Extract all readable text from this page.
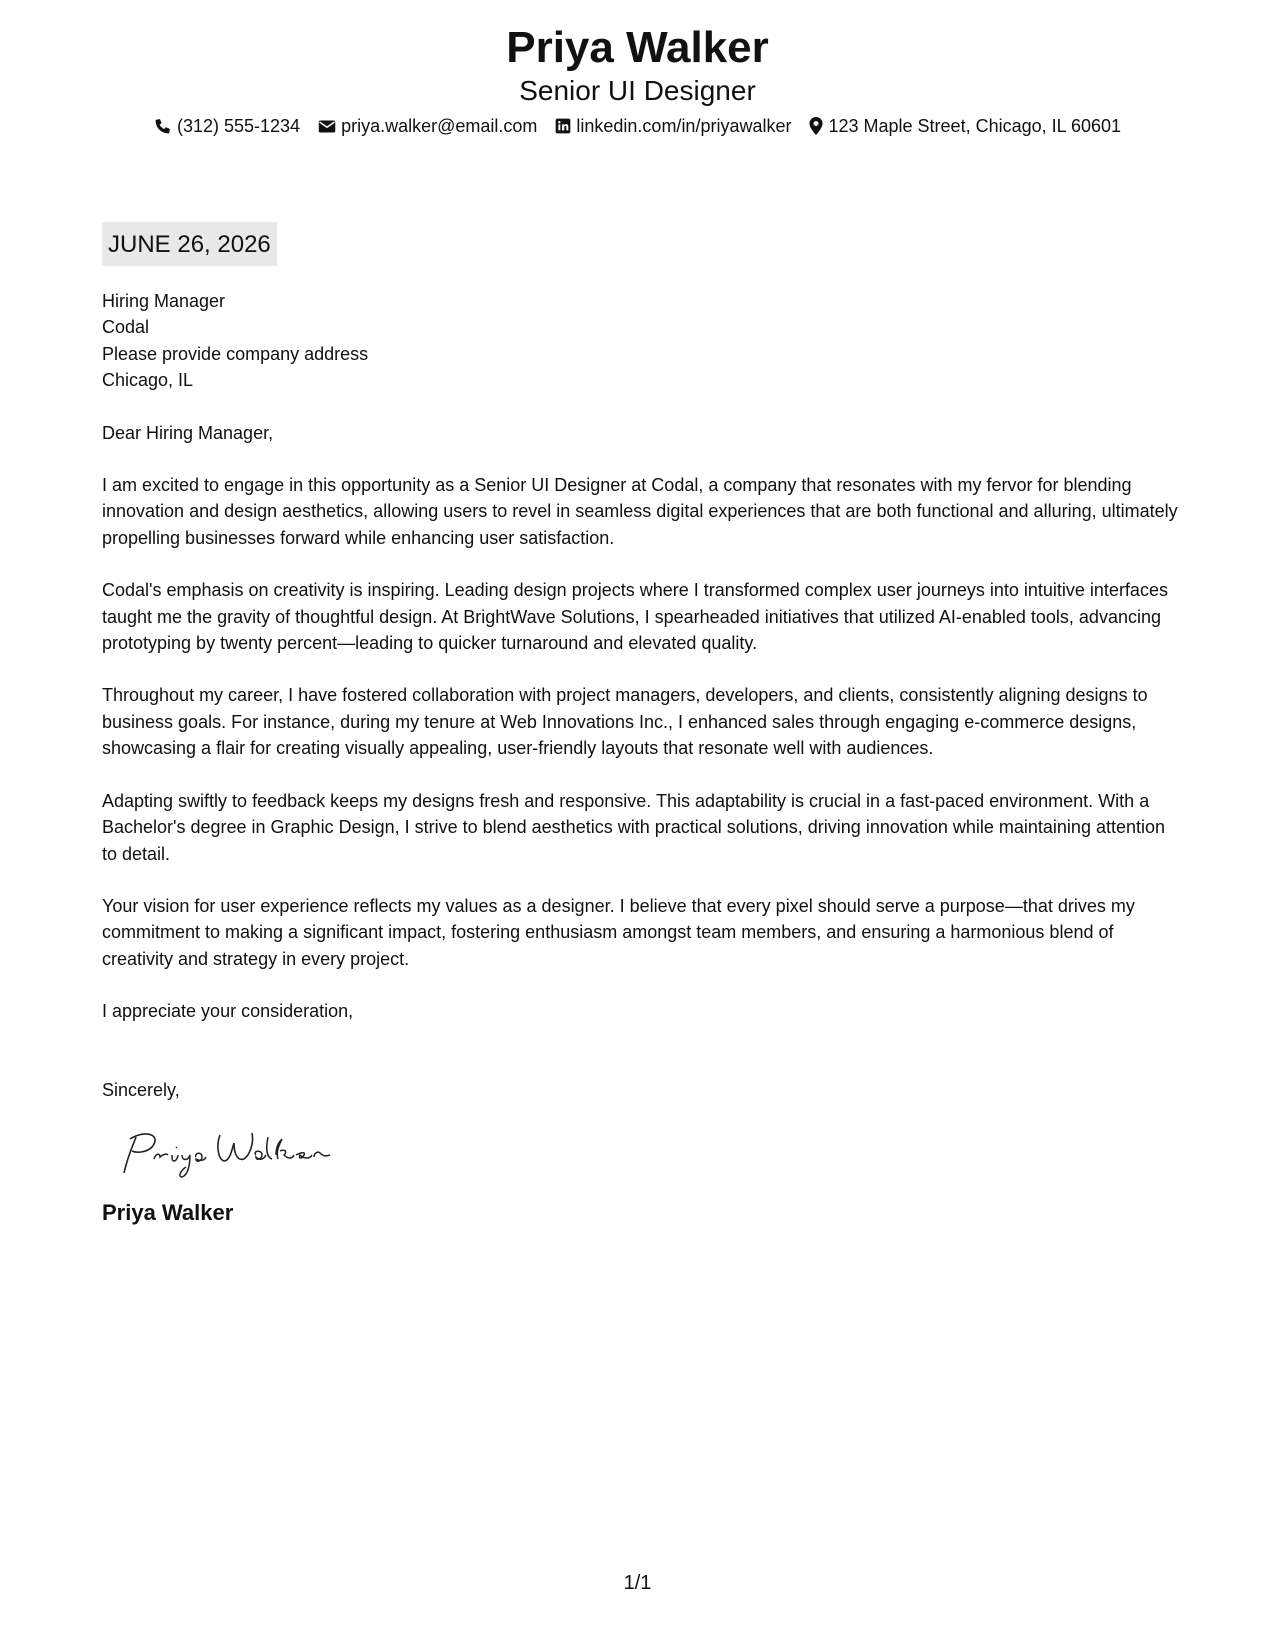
Priya Walker

Senior UI Designer

(312) 555-1234 priya.walker@email.com linkedin.com/in/priyawalker 123 Maple Street, Chicago, IL 60601
JUNE 26, 2026

Hiring Manager

Codal

Please provide company address

Chicago, IL

Dear Hiring Manager,

I am excited to engage in this opportunity as a Senior UI Designer at Codal, a company that resonates with my fervor for blending innovation and design aesthetics, allowing users to revel in seamless digital experiences that are both functional and alluring, ultimately propelling businesses forward while enhancing user satisfaction.

Codal's emphasis on creativity is inspiring. Leading design projects where I transformed complex user journeys into intuitive interfaces taught me the gravity of thoughtful design. At BrightWave Solutions, I spearheaded initiatives that utilized AI-enabled tools, advancing prototyping by twenty percent—leading to quicker turnaround and elevated quality.

Throughout my career, I have fostered collaboration with project managers, developers, and clients, consistently aligning designs to business goals. For instance, during my tenure at Web Innovations Inc., I enhanced sales through engaging e-commerce designs, showcasing a flair for creating visually appealing, user-friendly layouts that resonate well with audiences.

Adapting swiftly to feedback keeps my designs fresh and responsive. This adaptability is crucial in a fast-paced environment. With a Bachelor's degree in Graphic Design, I strive to blend aesthetics with practical solutions, driving innovation while maintaining attention to detail.

Your vision for user experience reflects my values as a designer. I believe that every pixel should serve a purpose—that drives my commitment to making a significant impact, fostering enthusiasm amongst team members, and ensuring a harmonious blend of creativity and strategy in every project.

I appreciate your consideration,

Sincerely,

Priya Walker
1/1
